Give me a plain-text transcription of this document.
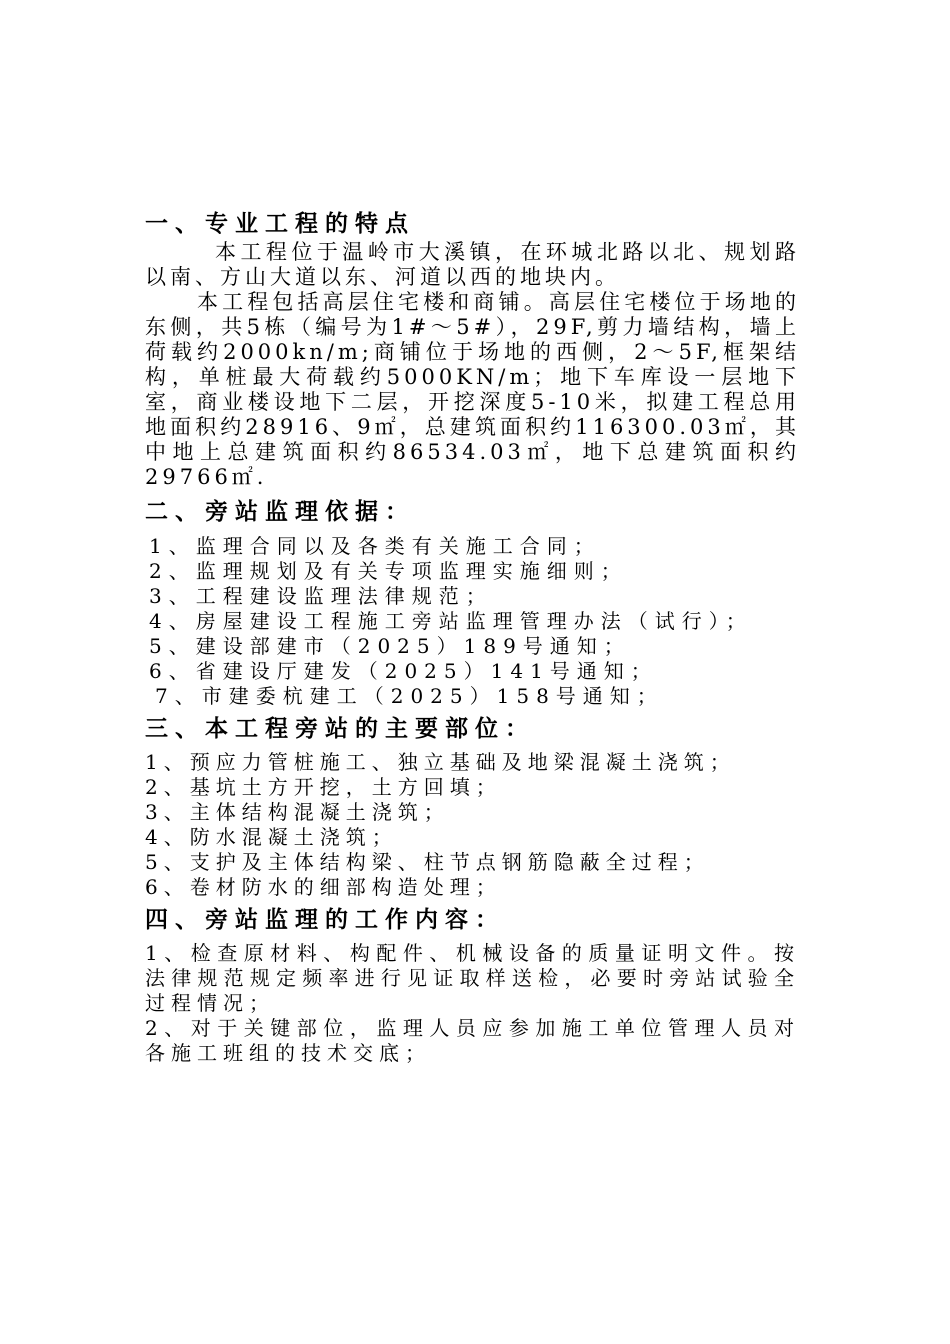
一、专业工程的特点

本工程位于温岭市大溪镇，在环城北路以北、规划路以南、方山大道以东、河道以西的地块内。

本工程包括高层住宅楼和商铺。高层住宅楼位于场地的东侧，共5栋（编号为1#～5#），29F,剪力墙结构，墙上荷载约2000kn/m;商铺位于场地的西侧，2～5F,框架结构，单桩最大荷载约5000KN/m；地下车库设一层地下室，商业楼设地下二层，开挖深度5-10米，拟建工程总用地面积约28916、9㎡，总建筑面积约116300.03㎡，其中地上总建筑面积约86534.03㎡，地下总建筑面积约29766㎡.

二、旁站监理依据：

1、监理合同以及各类有关施工合同；

2、监理规划及有关专项监理实施细则；

3、工程建设监理法律规范；

4、房屋建设工程施工旁站监理管理办法（试行）；

5、建设部建市（2025）189号通知；

6、省建设厅建发（2025）141号通知；

7、市建委杭建工（2025）158号通知；

三、本工程旁站的主要部位：

1、预应力管桩施工、独立基础及地梁混凝土浇筑；

2、基坑土方开挖，土方回填；

3、主体结构混凝土浇筑；

4、防水混凝土浇筑；

5、支护及主体结构梁、柱节点钢筋隐蔽全过程；

6、卷材防水的细部构造处理；

四、旁站监理的工作内容：

1、检查原材料、构配件、机械设备的质量证明文件。按法律规范规定频率进行见证取样送检，必要时旁站试验全过程情况；

2、对于关键部位，监理人员应参加施工单位管理人员对各施工班组的技术交底；
